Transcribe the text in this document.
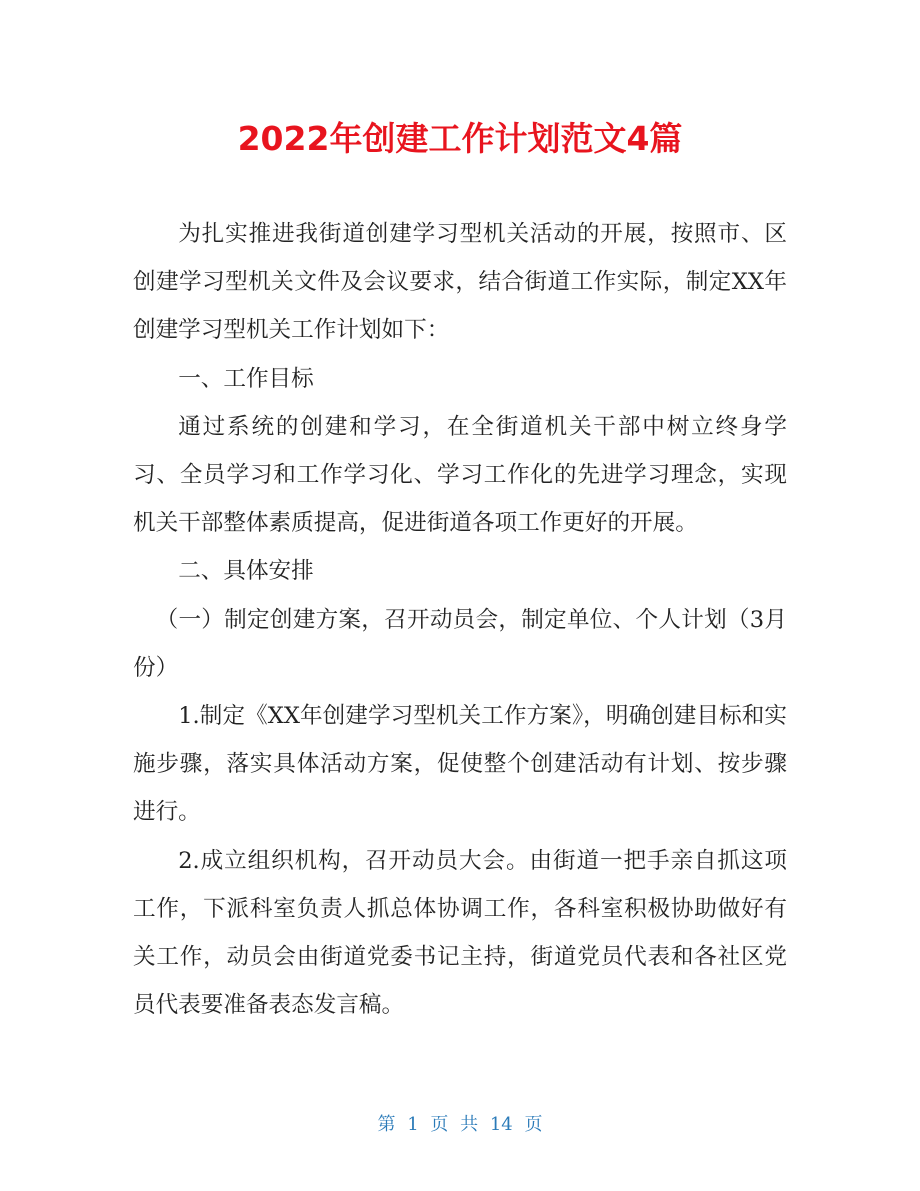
2022年创建工作计划范文4篇

为扎实推进我街道创建学习型机关活动的开展，按照市、区创建学习型机关文件及会议要求，结合街道工作实际，制定XX年创建学习型机关工作计划如下：

一、工作目标

通过系统的创建和学习，在全街道机关干部中树立终身学习、全员学习和工作学习化、学习工作化的先进学习理念，实现机关干部整体素质提高，促进街道各项工作更好的开展。

二、具体安排

（一）制定创建方案，召开动员会，制定单位、个人计划（3月份）

1.制定《XX年创建学习型机关工作方案》，明确创建目标和实施步骤，落实具体活动方案，促使整个创建活动有计划、按步骤进行。

2.成立组织机构，召开动员大会。由街道一把手亲自抓这项工作，下派科室负责人抓总体协调工作，各科室积极协助做好有关工作，动员会由街道党委书记主持，街道党员代表和各社区党员代表要准备表态发言稿。

第 1 页 共 14 页
